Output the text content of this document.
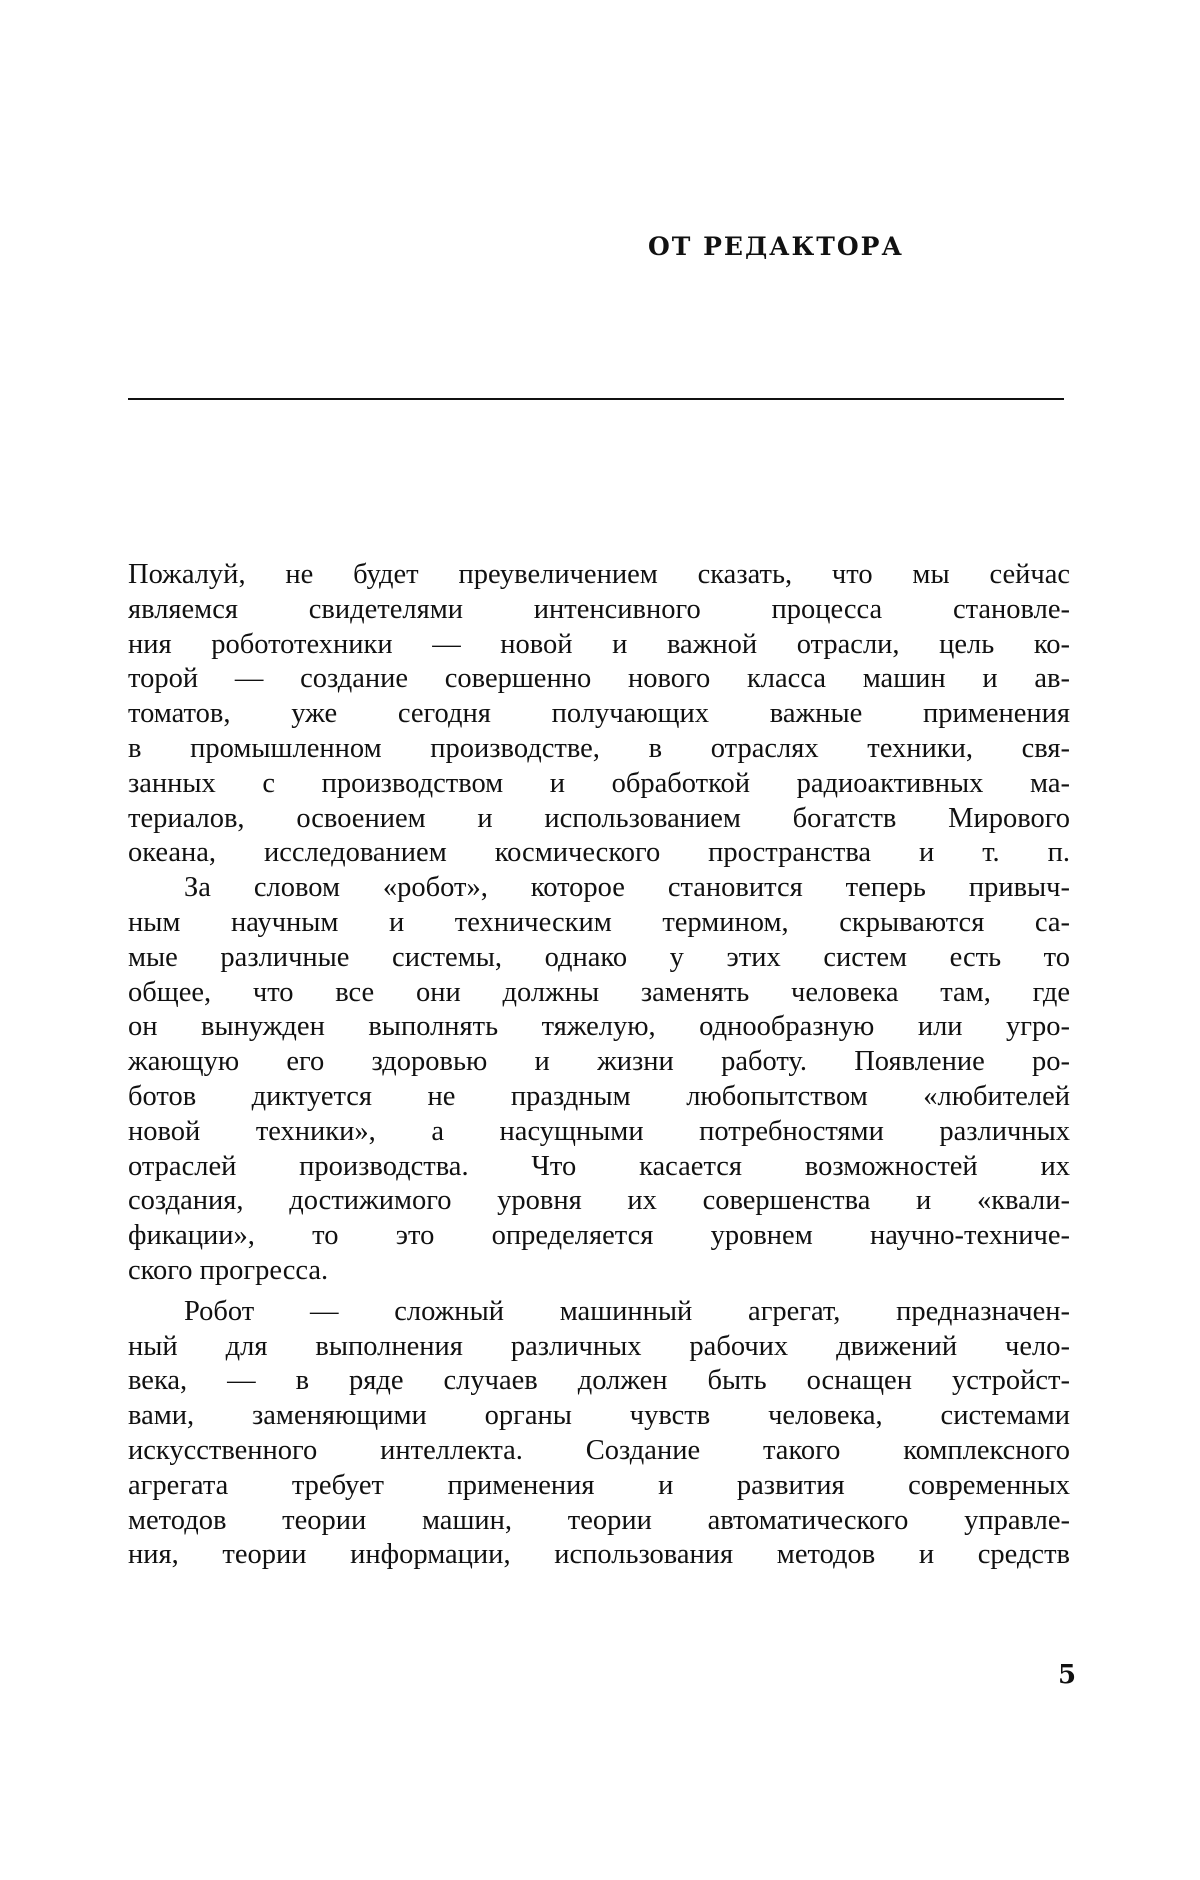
ОТ РЕДАКТОРА
Пожалуй, не будет преувеличением сказать, что мы сейчас
являемся свидетелями интенсивного процесса становле-
ния робототехники — новой и важной отрасли, цель ко-
торой — создание совершенно нового класса машин и ав-
томатов, уже сегодня получающих важные применения
в промышленном производстве, в отраслях техники, свя-
занных с производством и обработкой радиоактивных ма-
териалов, освоением и использованием богатств Мирового
океана, исследованием космического пространства и т. п.
За словом «робот», которое становится теперь привыч-
ным научным и техническим термином, скрываются са-
мые различные системы, однако у этих систем есть то
общее, что все они должны заменять человека там, где
он вынужден выполнять тяжелую, однообразную или угро-
жающую его здоровью и жизни работу. Появление ро-
ботов диктуется не праздным любопытством «любителей
новой техники», а насущными потребностями различных
отраслей производства. Что касается возможностей их
создания, достижимого уровня их совершенства и «квали-
фикации», то это определяется уровнем научно-техниче-
ского прогресса.
Робот — сложный машинный агрегат, предназначен-
ный для выполнения различных рабочих движений чело-
века, — в ряде случаев должен быть оснащен устройст-
вами, заменяющими органы чувств человека, системами
искусственного интеллекта. Создание такого комплексного
агрегата требует применения и развития современных
методов теории машин, теории автоматического управле-
ния, теории информации, использования методов и средств
5
